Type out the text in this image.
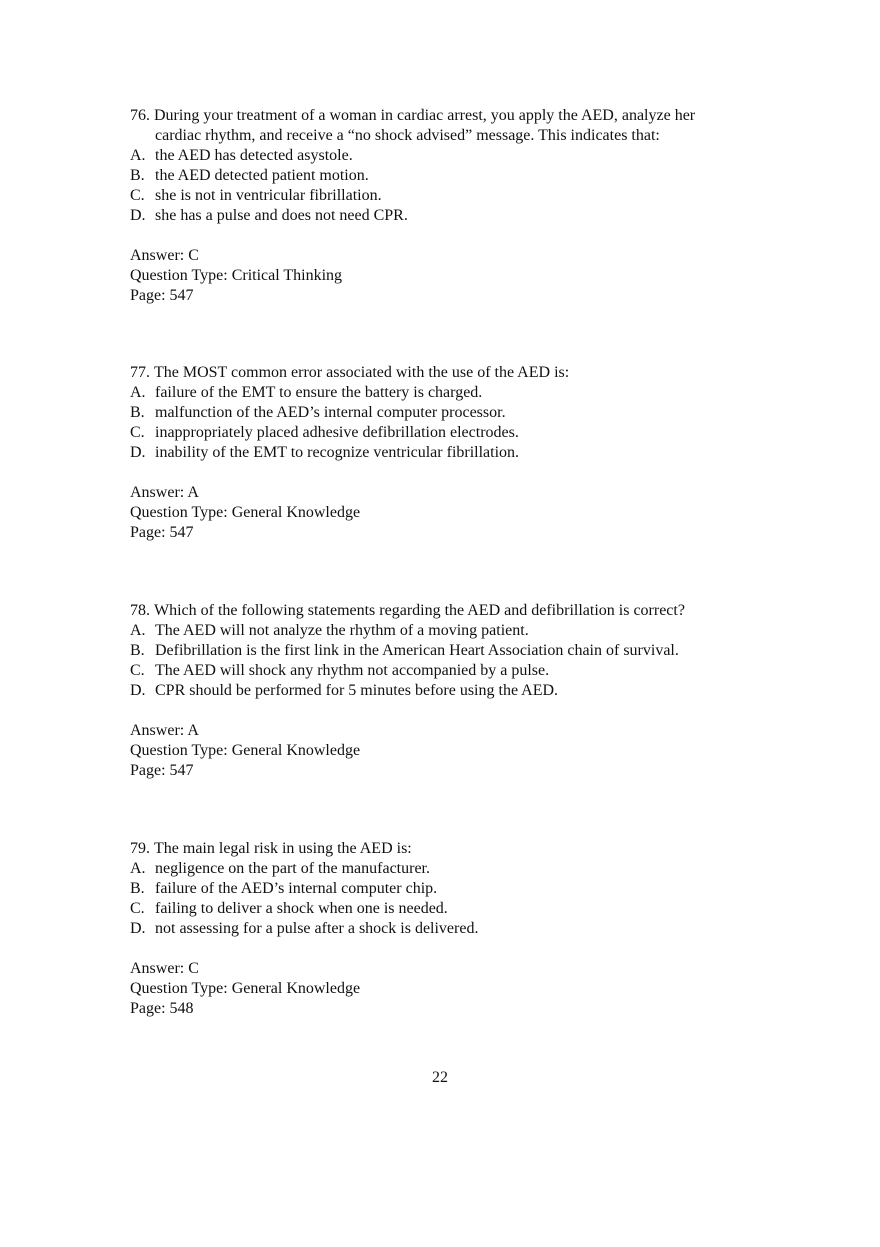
76.
During your treatment of a woman in cardiac arrest, you apply the AED, analyze her
cardiac rhythm, and receive a “no shock advised” message. This indicates that:
A. the AED has detected asystole.
B. the AED detected patient motion.
C. she is not in ventricular fibrillation.
D. she has a pulse and does not need CPR.
Answer: C
Question Type: Critical Thinking
Page: 547
77.
The MOST common error associated with the use of the AED is:
A. failure of the EMT to ensure the battery is charged.
B. malfunction of the AED’s internal computer processor.
C. inappropriately placed adhesive defibrillation electrodes.
D. inability of the EMT to recognize ventricular fibrillation.
Answer: A
Question Type: General Knowledge
Page: 547
78.
Which of the following statements regarding the AED and defibrillation is correct?
A. The AED will not analyze the rhythm of a moving patient.
B. Defibrillation is the first link in the American Heart Association chain of survival.
C. The AED will shock any rhythm not accompanied by a pulse.
D. CPR should be performed for 5 minutes before using the AED.
Answer: A
Question Type: General Knowledge
Page: 547
79.
The main legal risk in using the AED is:
A. negligence on the part of the manufacturer.
B. failure of the AED’s internal computer chip.
C. failing to deliver a shock when one is needed.
D. not assessing for a pulse after a shock is delivered.
Answer: C
Question Type: General Knowledge
Page: 548
22
